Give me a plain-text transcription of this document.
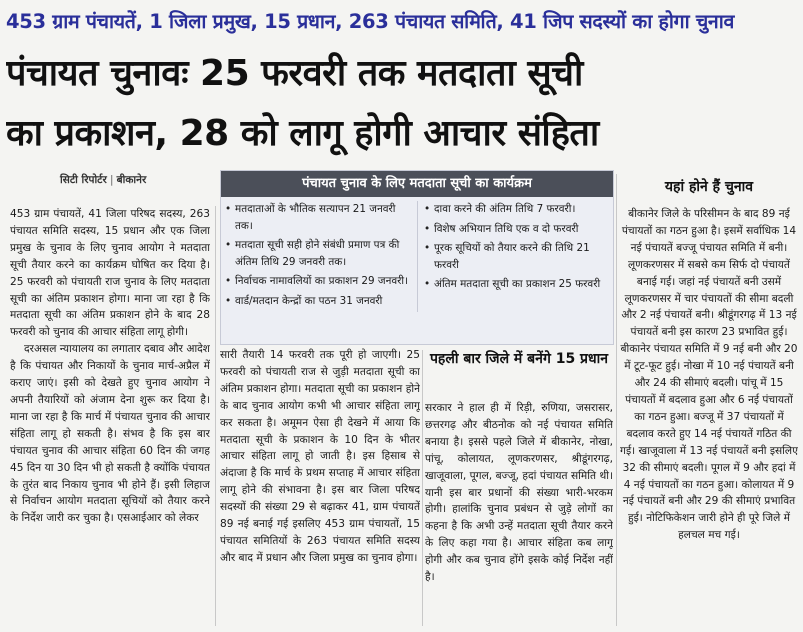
453 ग्राम पंचायतें, 1 जिला प्रमुख, 15 प्रधान, 263 पंचायत समिति, 41 जिप सदस्यों का होगा चुनाव
पंचायत चुनावः 25 फरवरी तक मतदाता सूची
का प्रकाशन, 28 को लागू होगी आचार संहिता
सिटी रिपोर्टर | बीकानेर

453 ग्राम पंचायतें, 41 जिला परिषद सदस्य, 263 पंचायत समिति सदस्य, 15 प्रधान और एक जिला प्रमुख के चुनाव के लिए चुनाव आयोग ने मतदाता सूची तैयार करने का कार्यक्रम घोषित कर दिया है। 25 फरवरी को पंचायती राज चुनाव के लिए मतदाता सूची का अंतिम प्रकाशन होगा। माना जा रहा है कि मतदाता सूची का अंतिम प्रकाशन होने के बाद 28 फरवरी को चुनाव की आचार संहिता लागू होगी।

दरअसल न्यायालय का लगातार दबाव और आदेश है कि पंचायत और निकायों के चुनाव मार्च-अप्रैल में कराए जाएं। इसी को देखते हुए चुनाव आयोग ने अपनी तैयारियों को अंजाम देना शुरू कर दिया है। माना जा रहा है कि मार्च में पंचायत चुनाव की आचार संहिता लागू हो सकती है। संभव है कि इस बार पंचायत चुनाव की आचार संहिता 60 दिन की जगह 45 दिन या 30 दिन भी हो सकती है क्योंकि पंचायत के तुरंत बाद निकाय चुनाव भी होने हैं। इसी लिहाज से निर्वाचन आयोग मतदाता सूचियों को तैयार करने के निर्देश जारी कर चुका है। एसआईआर को लेकर

पंचायत चुनाव के लिए मतदाता सूची का कार्यक्रम
• मतदाताओं के भौतिक सत्यापन 21 जनवरी तक।
• मतदाता सूची सही होने संबंधी प्रमाण पत्र की अंतिम तिथि 29 जनवरी तक।
• निर्वाचक नामावलियों का प्रकाशन 29 जनवरी।
• वार्ड/मतदान केन्द्रों का पठन 31 जनवरी
• दावा करने की अंतिम तिथि 7 फरवरी।
• विशेष अभियान तिथि एक व दो फरवरी
• पूरक सूचियों को तैयार करने की तिथि 21 फरवरी
• अंतिम मतदाता सूची का प्रकाशन 25 फरवरी

सारी तैयारी 14 फरवरी तक पूरी हो जाएगी। 25 फरवरी को पंचायती राज से जुड़ी मतदाता सूची का अंतिम प्रकाशन होगा। मतदाता सूची का प्रकाशन होने के बाद चुनाव आयोग कभी भी आचार संहिता लागू कर सकता है। अमूमन ऐसा ही देखने में आया कि मतदाता सूची के प्रकाशन के 10 दिन के भीतर आचार संहिता लागू हो जाती है। इस हिसाब से अंदाजा है कि मार्च के प्रथम सप्ताह में आचार संहिता लागू होने की संभावना है। इस बार जिला परिषद सदस्यों की संख्या 29 से बढ़ाकर 41, ग्राम पंचायतें 89 नई बनाई गई इसलिए 453 ग्राम पंचायतों, 15 पंचायत समितियों के 263 पंचायत समिति सदस्य और बाद में प्रधान और जिला प्रमुख का चुनाव होगा।

पहली बार जिले में बनेंगे 15 प्रधान

सरकार ने हाल ही में रिड़ी, रुणिया, जसरासर, छत्तरगढ़ और बीठनोक को नई पंचायत समिति बनाया है। इससे पहले जिले में बीकानेर, नोखा, पांचू, कोलायत, लूणकरणसर, श्रीडूंगरगढ़, खाजूवाला, पूगल, बज्जू, हदां पंचायत समिति थी। यानी इस बार प्रधानों की संख्या भारी-भरकम होगी। हालांकि चुनाव प्रबंधन से जुड़े लोगों का कहना है कि अभी उन्हें मतदाता सूची तैयार करने के लिए कहा गया है। आचार संहिता कब लागू होगी और कब चुनाव होंगे इसके कोई निर्देश नहीं है।

यहां होने हैं चुनाव

बीकानेर जिले के परिसीमन के बाद 89 नई पंचायतों का गठन हुआ है। इसमें सर्वाधिक 14 नई पंचायतें बज्जू पंचायत समिति में बनी। लूणकरणसर में सबसे कम सिर्फ दो पंचायतें बनाई गई। जहां नई पंचायतें बनी उसमें लूणकरणसर में चार पंचायतों की सीमा बदली और 2 नई पंचायतें बनी। श्रीडूंगरगढ़ में 13 नई पंचायतें बनी इस कारण 23 प्रभावित हुई। बीकानेर पंचायत समिति में 9 नई बनी और 20 में टूट-फूट हुई। नोखा में 10 नई पंचायतें बनी और 24 की सीमाएं बदली। पांचू में 15 पंचायतों में बदलाव हुआ और 6 नई पंचायतों का गठन हुआ। बज्जू में 37 पंचायतों में बदलाव करते हुए 14 नई पंचायतें गठित की गई। खाजूवाला में 13 नई पंचायतें बनी इसलिए 32 की सीमाएं बदली। पूगल में 9 और हदां में 4 नई पंचायतों का गठन हुआ। कोलायत में 9 नई पंचायतें बनी और 29 की सीमाएं प्रभावित हुई। नोटिफिकेशन जारी होने ही पूरे जिले में हलचल मच गई।
